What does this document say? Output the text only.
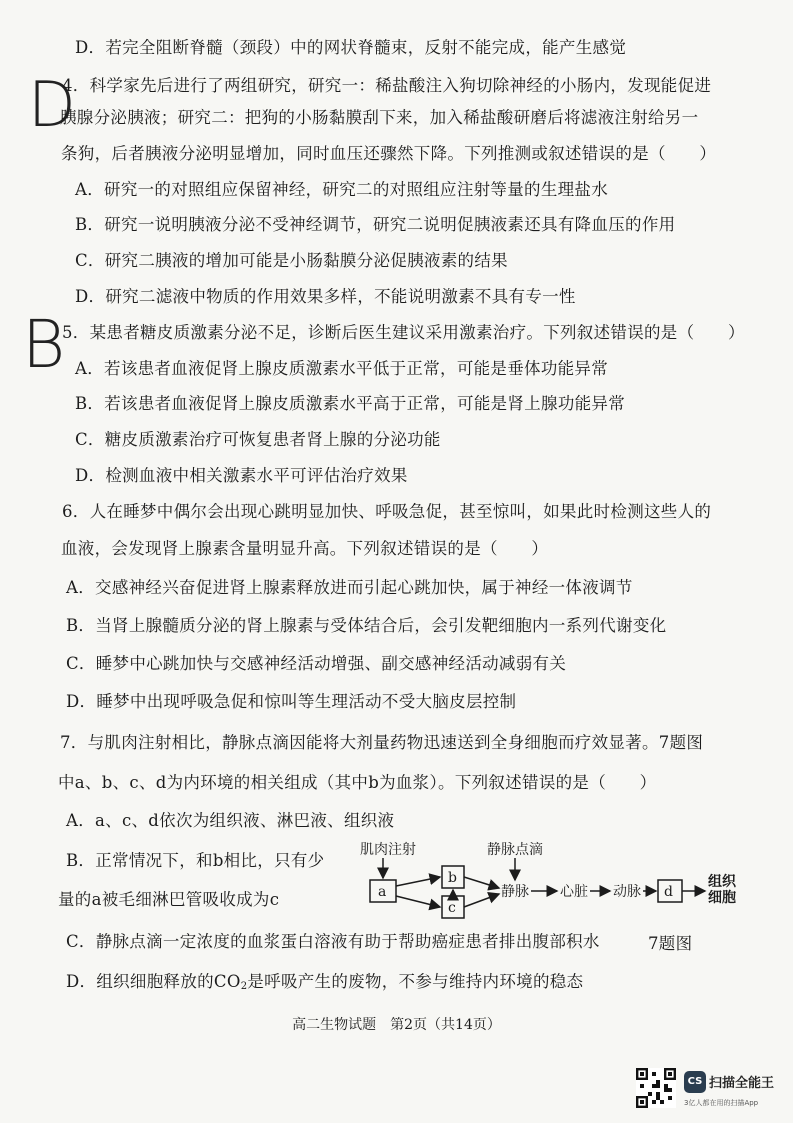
D．若完全阻断脊髓（颈段）中的网状脊髓束，反射不能完成，能产生感觉
D
4．科学家先后进行了两组研究，研究一：稀盐酸注入狗切除神经的小肠内，发现能促进
胰腺分泌胰液；研究二：把狗的小肠黏膜刮下来，加入稀盐酸研磨后将滤液注射给另一
条狗，后者胰液分泌明显增加，同时血压还骤然下降。下列推测或叙述错误的是（　　）
A．研究一的对照组应保留神经，研究二的对照组应注射等量的生理盐水
B．研究一说明胰液分泌不受神经调节，研究二说明促胰液素还具有降血压的作用
C．研究二胰液的增加可能是小肠黏膜分泌促胰液素的结果
D．研究二滤液中物质的作用效果多样，不能说明激素不具有专一性
B
5．某患者糖皮质激素分泌不足，诊断后医生建议采用激素治疗。下列叙述错误的是（　　）
A．若该患者血液促肾上腺皮质激素水平低于正常，可能是垂体功能异常
B．若该患者血液促肾上腺皮质激素水平高于正常，可能是肾上腺功能异常
C．糖皮质激素治疗可恢复患者肾上腺的分泌功能
D．检测血液中相关激素水平可评估治疗效果
6．人在睡梦中偶尔会出现心跳明显加快、呼吸急促，甚至惊叫，如果此时检测这些人的
血液，会发现肾上腺素含量明显升高。下列叙述错误的是（　　）
A．交感神经兴奋促进肾上腺素释放进而引起心跳加快，属于神经一体液调节
B．当肾上腺髓质分泌的肾上腺素与受体结合后，会引发靶细胞内一系列代谢变化
C．睡梦中心跳加快与交感神经活动增强、副交感神经活动减弱有关
D．睡梦中出现呼吸急促和惊叫等生理活动不受大脑皮层控制
7．与肌肉注射相比，静脉点滴因能将大剂量药物迅速送到全身细胞而疗效显著。7题图
中a、b、c、d为内环境的相关组成（其中b为血浆）。下列叙述错误的是（　　）
A．a、c、d依次为组织液、淋巴液、组织液
B．正常情况下，和b相比，只有少
量的a被毛细淋巴管吸收成为c
C．静脉点滴一定浓度的血浆蛋白溶液有助于帮助癌症患者排出腹部积水
D．组织细胞释放的$CO_2$是呼吸产生的废物，不参与维持内环境的稳态
肌肉注射	静脉点滴
a
b
c
静脉 心脏 动脉 d
组织
细胞
7题图
高二生物试题　第2页（共14页）
CS 扫描全能王
3亿人都在用的扫描App
